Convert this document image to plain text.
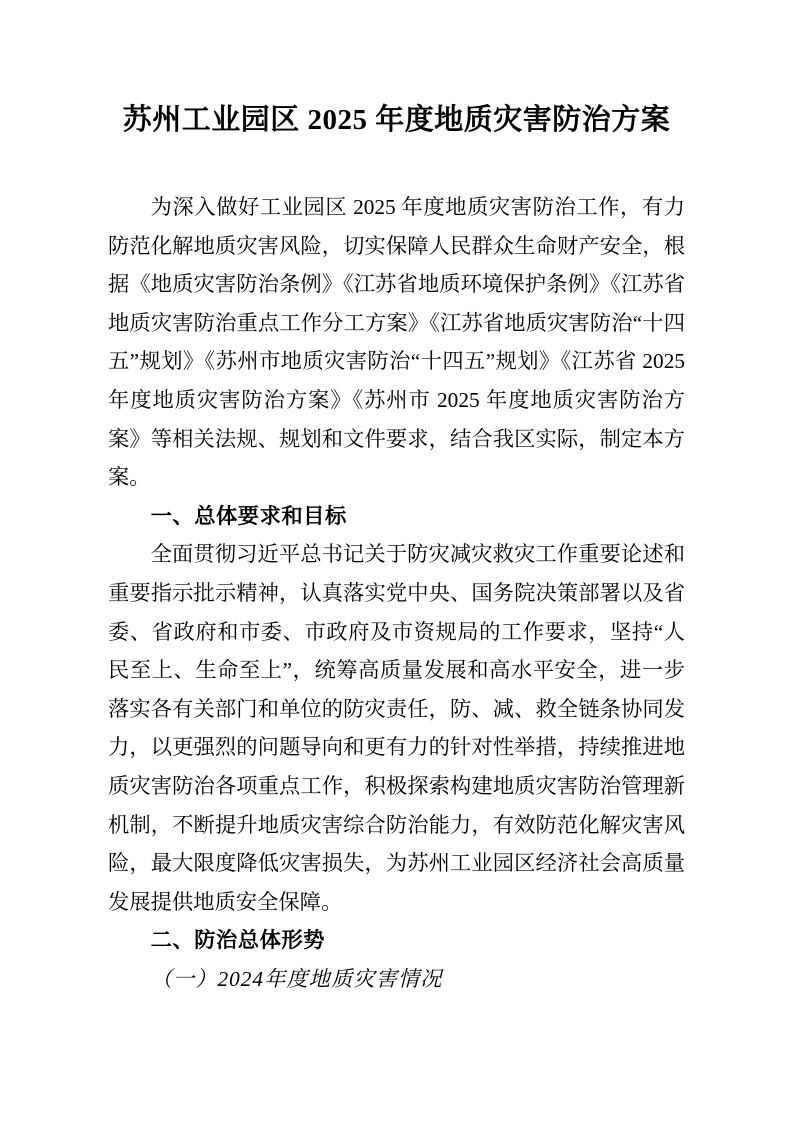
苏州工业园区 2025 年度地质灾害防治方案

为深入做好工业园区 2025 年度地质灾害防治工作，有力防范化解地质灾害风险，切实保障人民群众生命财产安全，根据《地质灾害防治条例》《江苏省地质环境保护条例》《江苏省地质灾害防治重点工作分工方案》《江苏省地质灾害防治“十四五”规划》《苏州市地质灾害防治“十四五”规划》《江苏省 2025 年度地质灾害防治方案》《苏州市 2025 年度地质灾害防治方案》等相关法规、规划和文件要求，结合我区实际，制定本方案。

一、总体要求和目标

全面贯彻习近平总书记关于防灾减灾救灾工作重要论述和重要指示批示精神，认真落实党中央、国务院决策部署以及省委、省政府和市委、市政府及市资规局的工作要求，坚持“人民至上、生命至上”，统筹高质量发展和高水平安全，进一步落实各有关部门和单位的防灾责任，防、减、救全链条协同发力，以更强烈的问题导向和更有力的针对性举措，持续推进地质灾害防治各项重点工作，积极探索构建地质灾害防治管理新机制，不断提升地质灾害综合防治能力，有效防范化解灾害风险，最大限度降低灾害损失，为苏州工业园区经济社会高质量发展提供地质安全保障。

二、防治总体形势

（一）2024年度地质灾害情况
